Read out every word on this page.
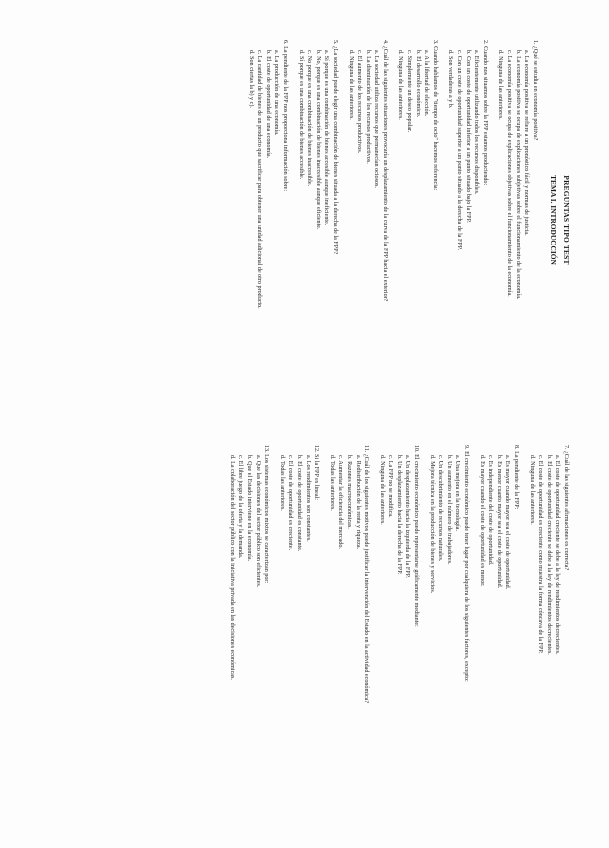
PREGUNTAS TIPO TEST

TEMA I. INTRODUCCIÓN

1. ¿Qué se estudia en economía positiva?

a. La economía positiva se refiere a un pronóstico fácil y normas de justicia.

b. La economía positiva se ocupa de explicaciones subjetivas sobre el funcionamiento de la economía.

c. La economía positiva se ocupa de explicaciones objetivas sobre el funcionamiento de la economía.

d. Ninguna de las anteriores.

2. Cuando nos situamos sobre la FPP estamos produciendo:

a. Eficientemente utilizando todos los recursos disponibles.

b. Con un coste de oportunidad inferior a un punto situado bajo la FPP.

c. Con un coste de oportunidad superior a un punto situado a la derecha de la FPP.

d. Son verdaderas a y b.

3. Cuando hablamos de "tiempo de ocio" hacemos referencia:

a. A la libertad de elección.

b. El desarrollo económico.

c. Simplemente un deseo popular.

d. Ninguna de las anteriores.

4. ¿Cuál de las siguientes situaciones provocaría un desplazamiento de la curva de la FPP hacia el exterior?

a. La sociedad utiliza recursos que permanecían ociosos.

b. La disminución de los recursos productivos.

c. El aumento de los recursos productivos.

d. Ninguna de las anteriores.

5. ¿La sociedad puede elegir una combinación de bienes situada a la derecha de la FPP?

a. Sí porque es una combinación de bienes accesible aunque ineficiente.

b. No, porque es una combinación de bienes inaccesible aunque eficiente.

c. No porque es una combinación de bienes inaccesible.

d. Sí porque es una combinación de bienes accesible.

6. La pendiente de la FPP nos proporciona información sobre:

a. La producción de una economía.

b. El coste de oportunidad de una economía.

c. La cantidad de bienes de un producto que sacrificar para obtener una unidad adicional de otro producto.

d. Son ciertas la b) y c).

7. ¿Cuál de las siguientes afirmaciones es correcta?

a. El coste de oportunidad creciente se debe a la ley de rendimientos decrecientes.

b. El coste de oportunidad creciente se debe a la ley de rendimientos decrecientes.

c. El coste de oportunidad es creciente como muestra la forma cóncava de la FPP.

d. Ninguna de las anteriores.

8. La pendiente de la FPP:

a. Es mayor cuando mayor sea el coste de oportunidad.

b. Es menor cuanto mayor sea el coste de oportunidad.

c. Es independiente del coste de oportunidad.

d. Es mayor cuando el coste de oportunidad es menor.

9. El crecimiento económico puede tener lugar por cualquiera de los siguientes factores, excepto:

a. Una mejora en la tecnología.

b. Un aumento en el número de trabajadores.

c. Un descubrimiento de recursos naturales.

d. Mejora técnica en la producción de bienes y servicios.

10. El crecimiento económico puede representarse gráficamente mediante:

a. Un desplazamiento hacia la izquierda de la FPP.

b. Un desplazamiento hacia la derecha de la FPP.

c. La FPP no se modifica.

d. Ninguna de las anteriores.

11. ¿Cuál de los siguientes motivos puede justificar la intervención del Estado en la actividad económica?

a. Redistribución de la renta y riqueza.

b. Razones macroeconómicas.

c. Aumentar la eficiencia del mercado.

d. Todas las anteriores.

12. Si la FPP es lineal:

a. Los rendimientos son constantes.

b. El coste de oportunidad es constante.

c. El coste de oportunidad es creciente.

d. Todas las anteriores.

13. Los sistemas económicos mixtos se caracterizan por:

a. Que las decisiones del sector público son eficientes.

b. Que el Estado interviene en la economía.

c. El libre juego de la oferta y la demanda.

d. La colaboración del sector público con la iniciativa privada en las decisiones económicas.
